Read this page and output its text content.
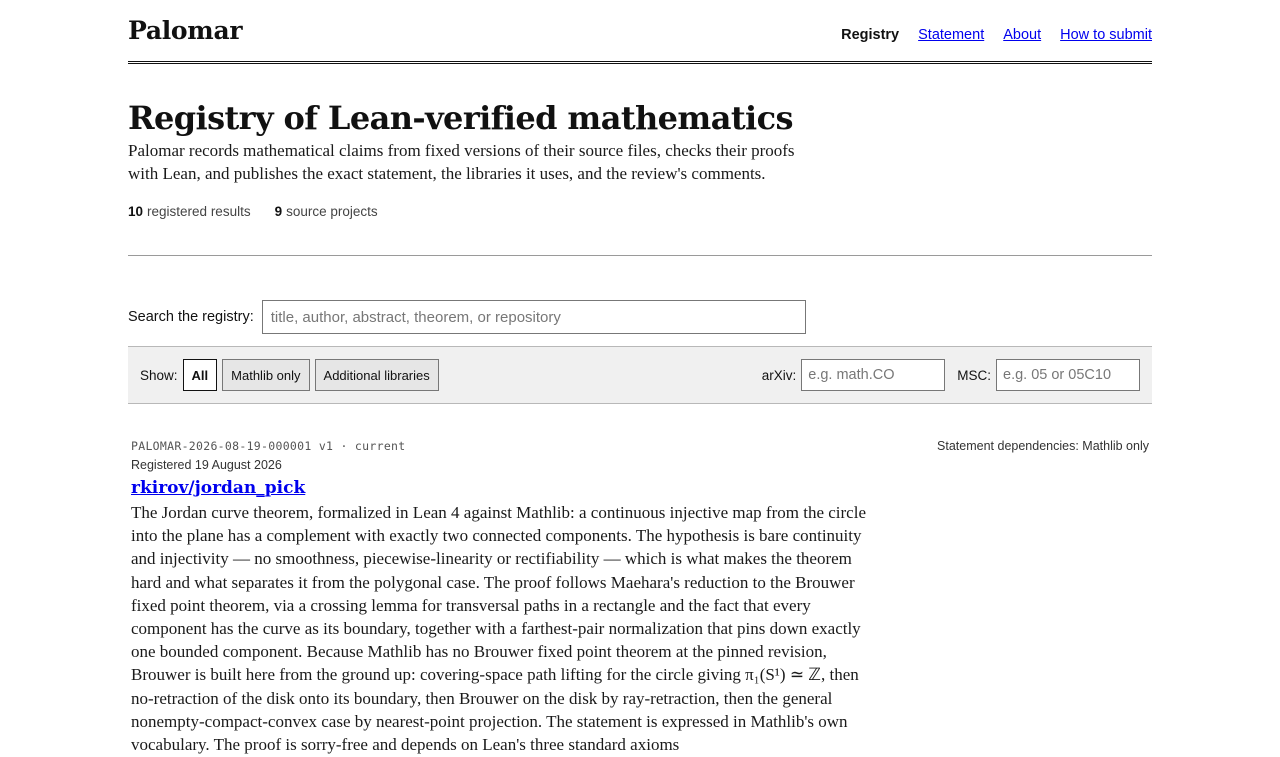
Palomar	Registry Statement About How to submit
Registry of Lean-verified mathematics

Palomar records mathematical claims from fixed versions of their source files, checks their proofs with Lean, and publishes the exact statement, the libraries it uses, and the review's comments.

10 registered results 9 source projects
Search the registry:
title, author, abstract, theorem, or repository
Show:	All	Mathlib only	Additional libraries	arXiv:
e.g. math.CO	MSC:
e.g. 05 or 05C10
PALOMAR-2026-08-19-000001 v1 · current	Statement dependencies: Mathlib only
Registered 19 August 2026
rkirov/jordan_pick

The Jordan curve theorem, formalized in Lean 4 against Mathlib: a continuous injective map from the circle into the plane has a complement with exactly two connected components. The hypothesis is bare continuity and injectivity — no smoothness, piecewise-linearity or rectifiability — which is what makes the theorem hard and what separates it from the polygonal case. The proof follows Maehara's reduction to the Brouwer fixed point theorem, via a crossing lemma for transversal paths in a rectangle and the fact that every component has the curve as its boundary, together with a farthest-pair normalization that pins down exactly one bounded component. Because Mathlib has no Brouwer fixed point theorem at the pinned revision, Brouwer is built here from the ground up: covering-space path lifting for the circle giving π₁(S¹) ≃ ℤ, then no-retraction of the disk onto its boundary, then Brouwer on the disk by ray-retraction, then the general nonempty-compact-convex case by nearest-point projection. The statement is expressed in Mathlib's own vocabulary. The proof is sorry-free and depends on Lean's three standard axioms
